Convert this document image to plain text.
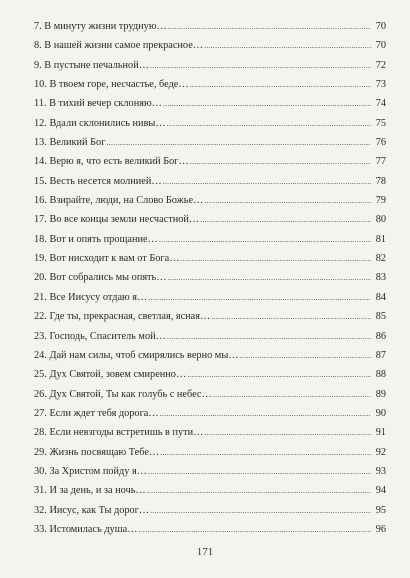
7. В минуту жизни трудную… .....	70
8. В нашей жизни самое прекрасное… .....	70
9. В пустыне печальной… .....	72
10. В твоем горе, несчастье, беде… .....	73
11. В тихий вечер склоняю… .....	74
12. Вдали склонились нивы… .....	75
13. Великий Бог .....	76
14. Верю я, что есть великий Бог… .....	77
15. Весть несется молнией… .....	78
16. Взирайте, люди, на Слово Божье… .....	79
17. Во все концы земли несчастной… .....	80
18. Вот и опять прощание… .....	81
19. Вот нисходит к вам от Бога… .....	82
20. Вот собрались мы опять… .....	83
21. Все Иисусу отдаю я… .....	84
22. Где ты, прекрасная, светлая, ясная… .....	85
23. Господь, Спаситель мой… .....	86
24. Дай нам силы, чтоб смирялись верно мы… .....	87
25. Дух Святой, зовем смиренно… .....	88
26. Дух Святой, Ты как голубь с небес… .....	89
27. Если ждет тебя дорога… .....	90
28. Если невзгоды встретишь в пути… .....	91
29. Жизнь посвящаю Тебе… .....	92
30. За Христом пойду я… .....	93
31. И за день, и за ночь… .....	94
32. Иисус, как Ты дорог… .....	95
33. Истомилась душа… .....	96
171
